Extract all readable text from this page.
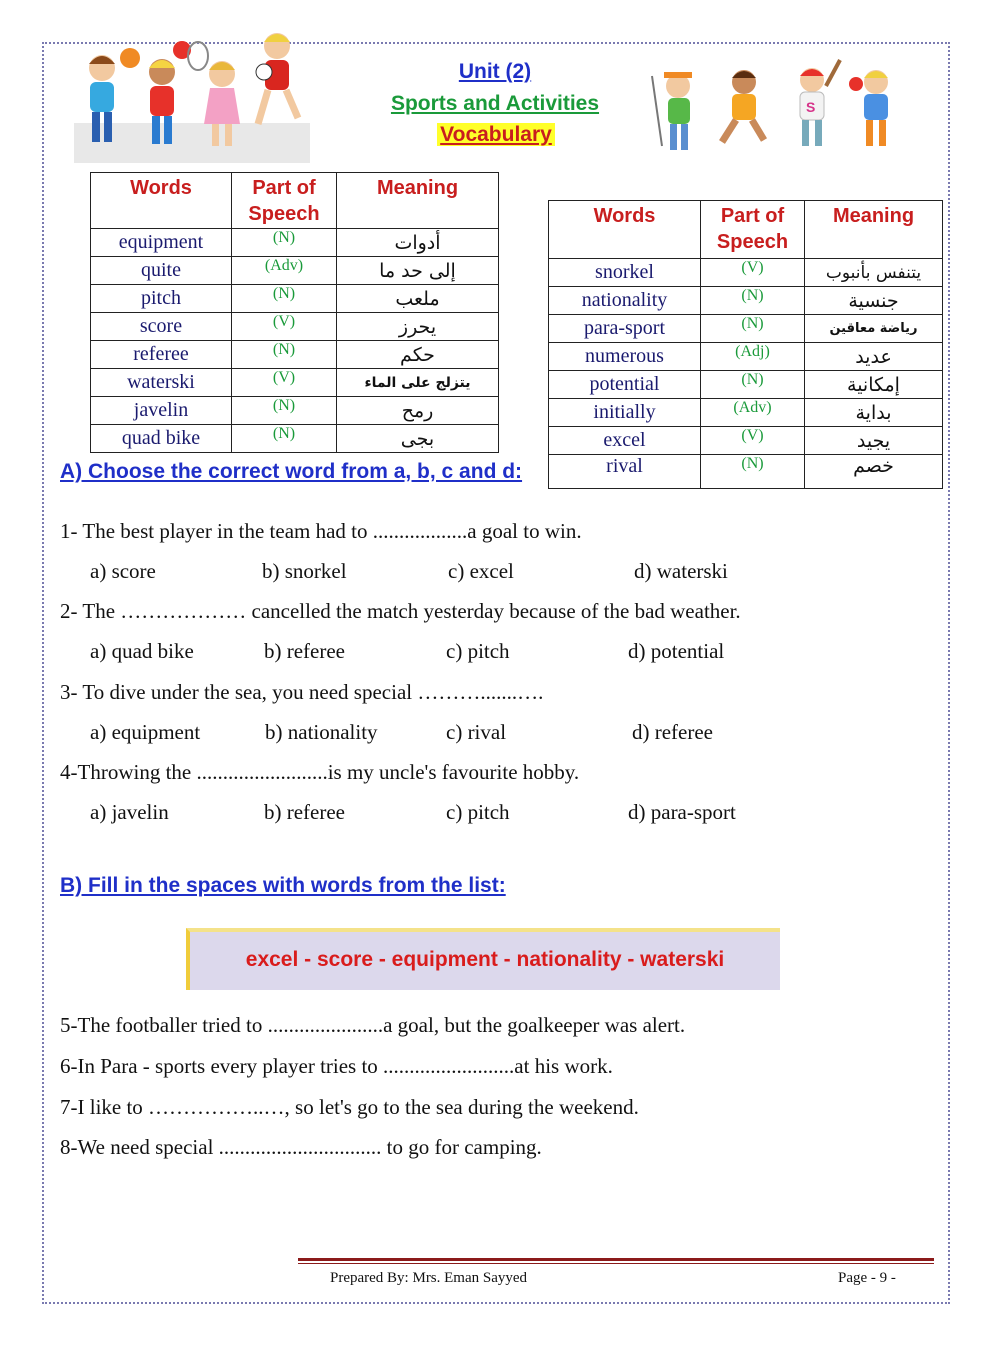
S
Unit (2)
Sports and Activities
Vocabulary
Words	Part of Speech	Meaning
equipment	(N)	أدوات
quite	(Adv)	إلى حد ما
pitch	(N)	ملعب
score	(V)	يحرز
referee	(N)	حكم
waterski	(V)	يتزلج على الماء
javelin	(N)	رمح
quad bike	(N)	بجى
Words	Part of Speech	Meaning
snorkel	(V)	يتنفس بأنبوب
nationality	(N)	جنسية
para-sport	(N)	رياضة معاقين
numerous	(Adj)	عديد
potential	(N)	إمكانية
initially	(Adv)	بداية
excel	(V)	يجيد
rival	(N)	خصم
A) Choose the correct word from a, b, c and d:
1- The best player in the team had to ..................a goal to win.
a) score	b) snorkel	c) excel	d) waterski
2- The ……………… cancelled the match yesterday because of the bad weather.
a) quad bike	b) referee	c) pitch	d) potential
3- To dive under the sea, you need special ……….......….
a) equipment	b) nationality	c) rival	d) referee
4-Throwing the .........................is my uncle's favourite hobby.
a) javelin	b) referee	c) pitch	d) para-sport
B) Fill in the spaces with words from the list:
excel - score - equipment - nationality - waterski
5-The footballer tried to ......................a goal, but the goalkeeper was alert.
6-In Para - sports every player tries to .........................at his work.
7-I like to ……………..…, so let's go to the sea during the weekend.
8-We need special ............................... to go for camping.
Prepared By: Mrs. Eman Sayyed	Page - 9 -
